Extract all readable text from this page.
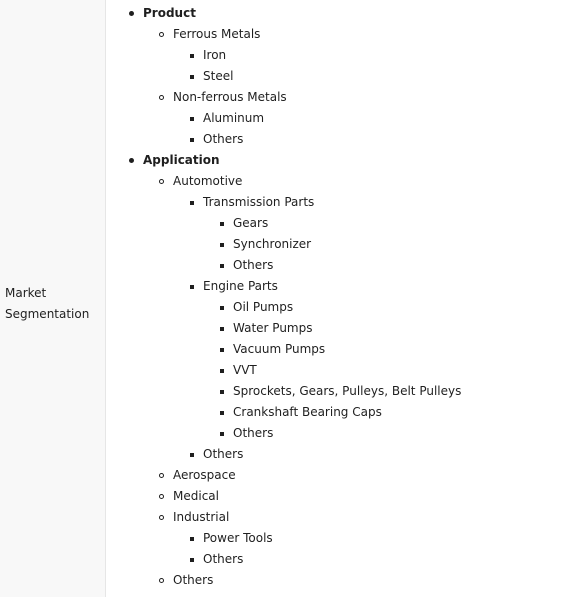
Market
Segmentation
Product
Ferrous Metals
Iron
Steel
Non-ferrous Metals
Aluminum
Others
Application
Automotive
Transmission Parts
Gears
Synchronizer
Others
Engine Parts
Oil Pumps
Water Pumps
Vacuum Pumps
VVT
Sprockets, Gears, Pulleys, Belt Pulleys
Crankshaft Bearing Caps
Others
Others
Aerospace
Medical
Industrial
Power Tools
Others
Others
